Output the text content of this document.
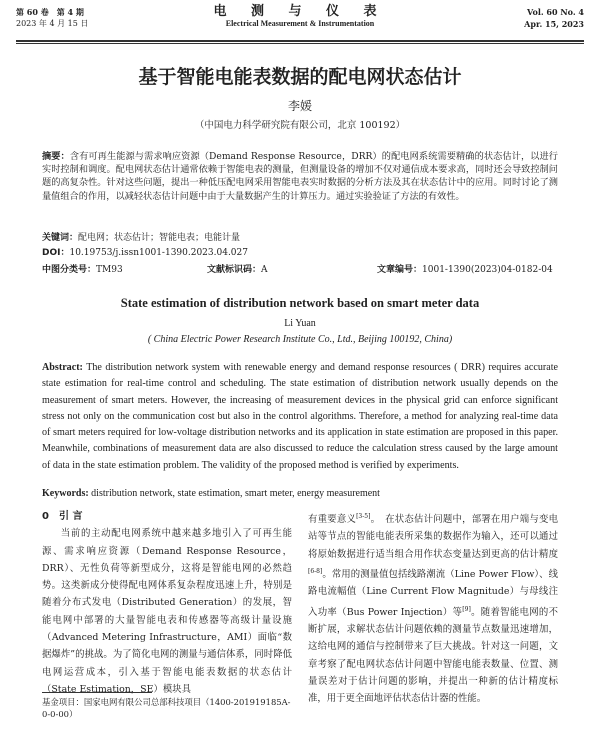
第 60 卷　第 4 期
2023 年 4 月 15 日
电 测 与 仪 表
Electrical Measurement & Instrumentation
Vol. 60 No. 4
Apr. 15, 2023
基于智能电能表数据的配电网状态估计
李媛
（中国电力科学研究院有限公司，北京 100192）
摘要：含有可再生能源与需求响应资源（Demand Response Resource，DRR）的配电网系统需要精确的状态估计，以进行实时控制和调度。配电网状态估计通常依赖于智能电表的测量，但测量设备的增加不仅对通信成本要求高，同时还会导致控制问题的高复杂性。针对这些问题，提出一种低压配电网采用智能电表实时数据的分析方法及其在状态估计中的应用。同时讨论了测量值组合的作用，以减轻状态估计问题中由于大量数据产生的计算压力。通过实验验证了方法的有效性。
关键词：配电网；状态估计；智能电表；电能计量
DOI：10.19753/j.issn1001-1390.2023.04.027
中图分类号：TM93	文献标识码：A	文章编号：1001-1390(2023)04-0182-04
State estimation of distribution network based on smart meter data
Li Yuan
( China Electric Power Research Institute Co., Ltd., Beijing 100192, China)
Abstract: The distribution network system with renewable energy and demand response resources ( DRR) requires accurate state estimation for real-time control and scheduling. The state estimation of distribution network usually depends on the measurement of smart meters. However, the increasing of measurement devices in the physical grid can enforce significant stress not only on the communication cost but also in the control algorithms. Therefore, a method for analyzing real-time data of smart meters required for low-voltage distribution networks and its application in state estimation are proposed in this paper. Meanwhile, combinations of measurement data are also discussed to reduce the calculation stress caused by the large amount of data in the state estimation problem. The validity of the proposed method is verified by experiments.
Keywords: distribution network, state estimation, smart meter, energy measurement
0　引 言
当前的主动配电网系统中越来越多地引入了可再生能源、需求响应资源（Demand Response Resource，DRR）、无性负荷等新型成分，这将是智能电网的必然趋势。这类新成分使得配电网体系复杂程度迅速上升，特别是随着分布式发电（Distributed Generation）的发展，智能电网中部署的大量智能电表和传感器等高级计量设施（Advanced Metering Infrastructure，AMI）面临“数据爆炸”的挑战。为了简化电网的测量与通信体系，同时降低电网运营成本，引入基于智能电能表数据的状态估计（State Estimation，SE）模块具
有重要意义[3-5]。　在状态估计问题中，部署在用户端与变电站等节点的智能电能表所采集的数据作为输入，还可以通过将原始数据进行适当组合用作状态变量达到更高的估计精度[6-8]。常用的测量值包括线路潮流（Line Power Flow）、线路电流幅值（Line Current Flow Magnitude）与母线注入功率（Bus Power Injection）等[9]。随着智能电网的不断扩展，求解状态估计问题依赖的测量节点数量迅速增加，这给电网的通信与控制带来了巨大挑战。针对这一问题，文章考察了配电网状态估计问题中智能电能表数量、位置、测量误差对于估计问题的影响，并提出一种新的估计精度标准，用于更全面地评估状态估计器的性能。
基金项目：国家电网有限公司总部科技项目（1400-201919185A-0-0-00）
